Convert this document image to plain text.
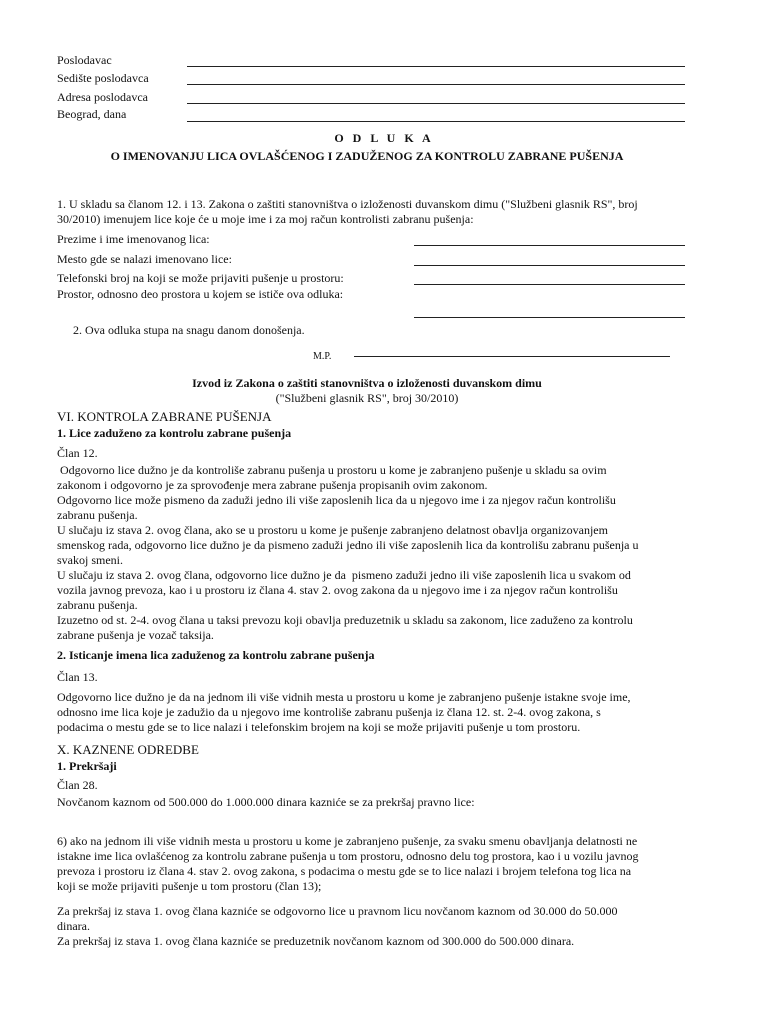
Poslodavac
Sedište poslodavca
Adresa poslodavca
Beograd, dana
O D L U K A
O IMENOVANJU LICA OVLAŠĆENOG I ZADUŽENOG ZA KONTROLU ZABRANE PUŠENJA
1. U skladu sa članom 12. i 13. Zakona o zaštiti stanovništva o izloženosti duvanskom dimu ("Službeni glasnik RS", broj
30/2010) imenujem lice koje će u moje ime i za moj račun kontrolisti zabranu pušenja:
Prezime i ime imenovanog lica:
Mesto gde se nalazi imenovano lice:
Telefonski broj na koji se može prijaviti pušenje u prostoru:
Prostor, odnosno deo prostora u kojem se ističe ova odluka:
2. Ova odluka stupa na snagu danom donošenja.
M.P.
Izvod iz Zakona o zaštiti stanovništva o izloženosti duvanskom dimu
("Službeni glasnik RS", broj 30/2010)
VI. KONTROLA ZABRANE PUŠENJA
1. Lice zaduženo za kontrolu zabrane pušenja
Član 12.
Odgovorno lice dužno je da kontroliše zabranu pušenja u prostoru u kome je zabranjeno pušenje u skladu sa ovim
zakonom i odgovorno je za sprovođenje mera zabrane pušenja propisanih ovim zakonom.
Odgovorno lice može pismeno da zaduži jedno ili više zaposlenih lica da u njegovo ime i za njegov račun kontrolišu
zabranu pušenja.
U slučaju iz stava 2. ovog člana, ako se u prostoru u kome je pušenje zabranjeno delatnost obavlja organizovanjem
smenskog rada, odgovorno lice dužno je da pismeno zaduži jedno ili više zaposlenih lica da kontrolišu zabranu pušenja u
svakoj smeni.
U slučaju iz stava 2. ovog člana, odgovorno lice dužno je da  pismeno zaduži jedno ili više zaposlenih lica u svakom od
vozila javnog prevoza, kao i u prostoru iz člana 4. stav 2. ovog zakona da u njegovo ime i za njegov račun kontrolišu
zabranu pušenja.
Izuzetno od st. 2-4. ovog člana u taksi prevozu koji obavlja preduzetnik u skladu sa zakonom, lice zaduženo za kontrolu
zabrane pušenja je vozač taksija.
2. Isticanje imena lica zaduženog za kontrolu zabrane pušenja
Član 13.
Odgovorno lice dužno je da na jednom ili više vidnih mesta u prostoru u kome je zabranjeno pušenje istakne svoje ime,
odnosno ime lica koje je zadužio da u njegovo ime kontroliše zabranu pušenja iz člana 12. st. 2-4. ovog zakona, s
podacima o mestu gde se to lice nalazi i telefonskim brojem na koji se može prijaviti pušenje u tom prostoru.
X. KAZNENE ODREDBE
1. Prekršaji
Član 28.
Novčanom kaznom od 500.000 do 1.000.000 dinara kazniće se za prekršaj pravno lice:
6) ako na jednom ili više vidnih mesta u prostoru u kome je zabranjeno pušenje, za svaku smenu obavljanja delatnosti ne
istakne ime lica ovlašćenog za kontrolu zabrane pušenja u tom prostoru, odnosno delu tog prostora, kao i u vozilu javnog
prevoza i prostoru iz člana 4. stav 2. ovog zakona, s podacima o mestu gde se to lice nalazi i brojem telefona tog lica na
koji se može prijaviti pušenje u tom prostoru (član 13);
Za prekršaj iz stava 1. ovog člana kazniće se odgovorno lice u pravnom licu novčanom kaznom od 30.000 do 50.000
dinara.
Za prekršaj iz stava 1. ovog člana kazniće se preduzetnik novčanom kaznom od 300.000 do 500.000 dinara.
